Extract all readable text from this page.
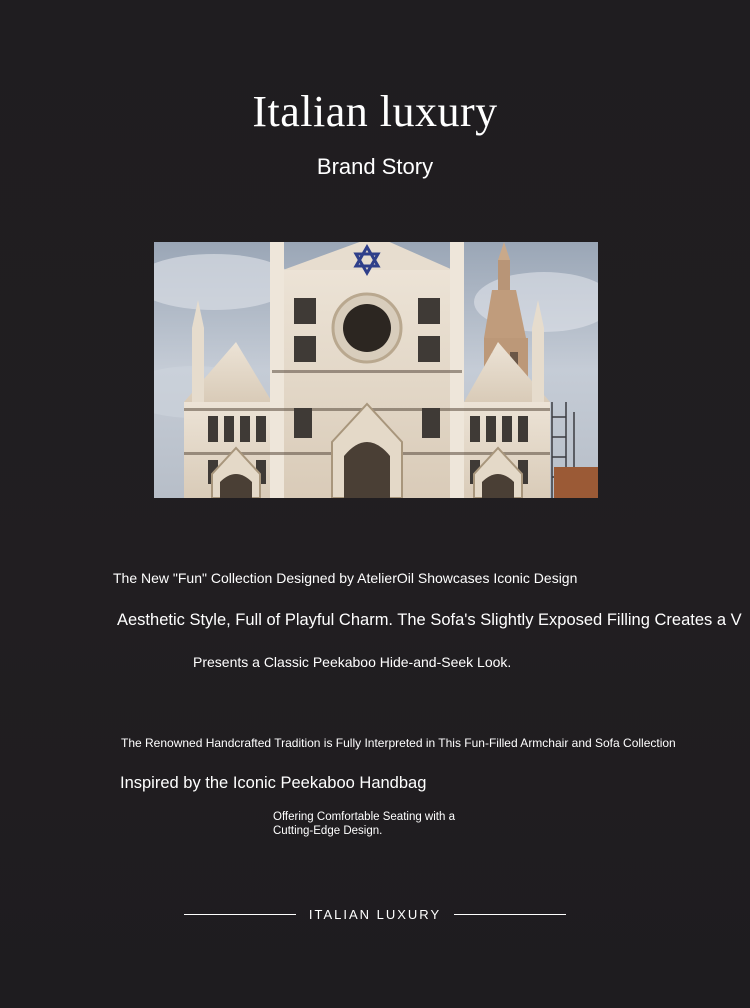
Italian luxury
Brand Story

The New "Fun" Collection Designed by AtelierOil Showcases Iconic Design

Aesthetic Style, Full of Playful Charm. The Sofa's Slightly Exposed Filling Creates a V

Presents a Classic Peekaboo Hide-and-Seek Look.

The Renowned Handcrafted Tradition is Fully Interpreted in This Fun-Filled Armchair and Sofa Collection

Inspired by the Iconic Peekaboo Handbag

Offering Comfortable Seating with a Cutting-Edge Design.

ITALIAN LUXURY
